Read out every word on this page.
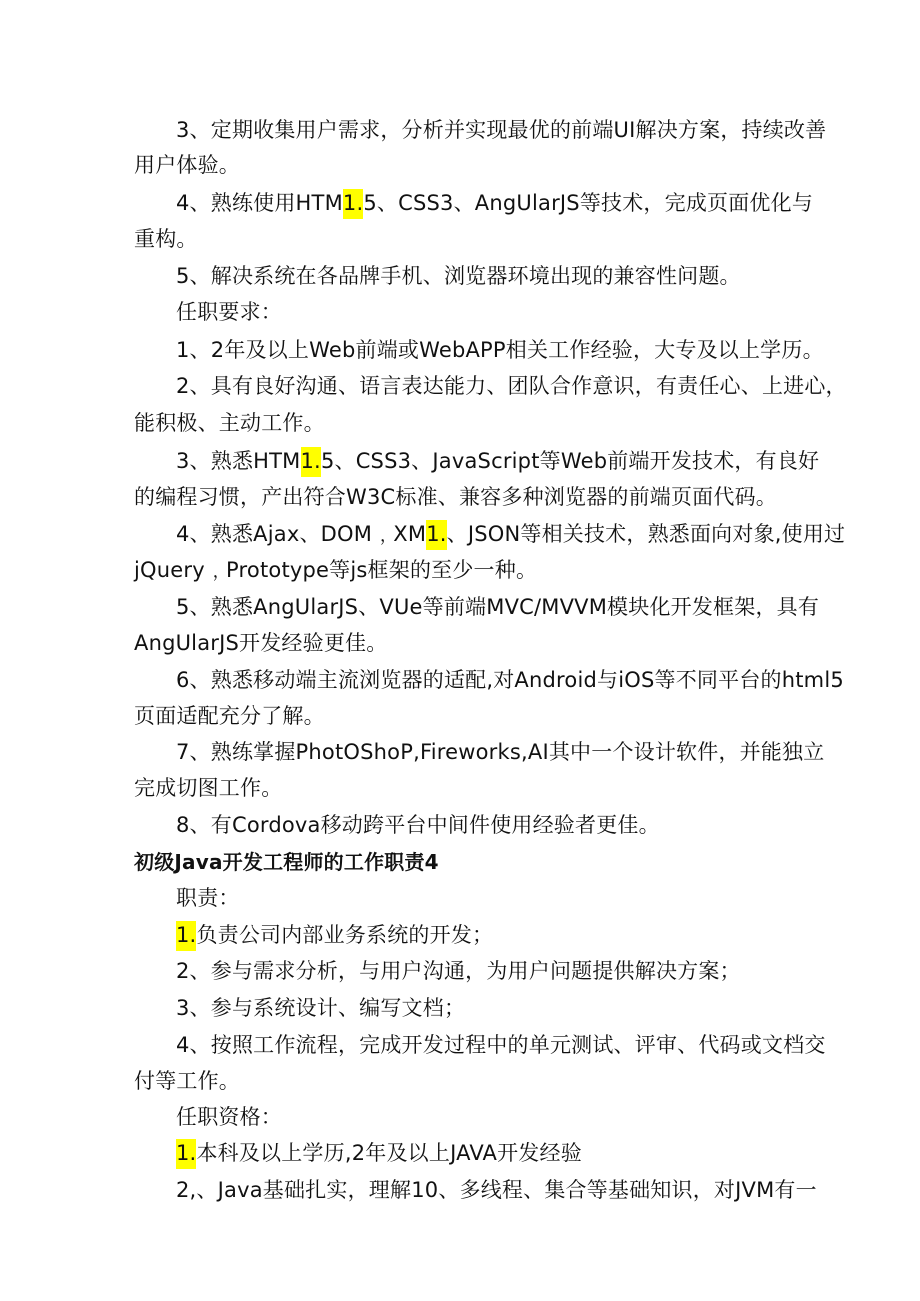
3、定期收集用户需求，分析并实现最优的前端UI解决方案，持续改善
用户体验。
4、熟练使用HTM1.5、CSS3、AngUlarJS等技术，完成页面优化与
重构。
5、解决系统在各品牌手机、浏览器环境出现的兼容性问题。
任职要求：
1、2年及以上Web前端或WebAPP相关工作经验，大专及以上学历。
2、具有良好沟通、语言表达能力、团队合作意识，有责任心、上进心，
能积极、主动工作。
3、熟悉HTM1.5、CSS3、JavaScript等Web前端开发技术，有良好
的编程习惯，产出符合W3C标准、兼容多种浏览器的前端页面代码。
4、熟悉Ajax、DOM﹐XM1.、JSON等相关技术，熟悉面向对象,使用过
jQuery﹐Prototype等js框架的至少一种。
5、熟悉AngUlarJS、VUe等前端MVC/MVVM模块化开发框架，具有
AngUlarJS开发经验更佳。
6、熟悉移动端主流浏览器的适配,对Android与iOS等不同平台的html5
页面适配充分了解。
7、熟练掌握PhotOShoP,Fireworks,AI其中一个设计软件，并能独立
完成切图工作。
8、有Cordova移动跨平台中间件使用经验者更佳。
初级Java开发工程师的工作职责4
职责：
1.负责公司内部业务系统的开发；
2、参与需求分析，与用户沟通，为用户问题提供解决方案；
3、参与系统设计、编写文档；
4、按照工作流程，完成开发过程中的单元测试、评审、代码或文档交
付等工作。
任职资格：
1.本科及以上学历,2年及以上JAVA开发经验
2,、Java基础扎实，理解10、多线程、集合等基础知识，对JVM有一
